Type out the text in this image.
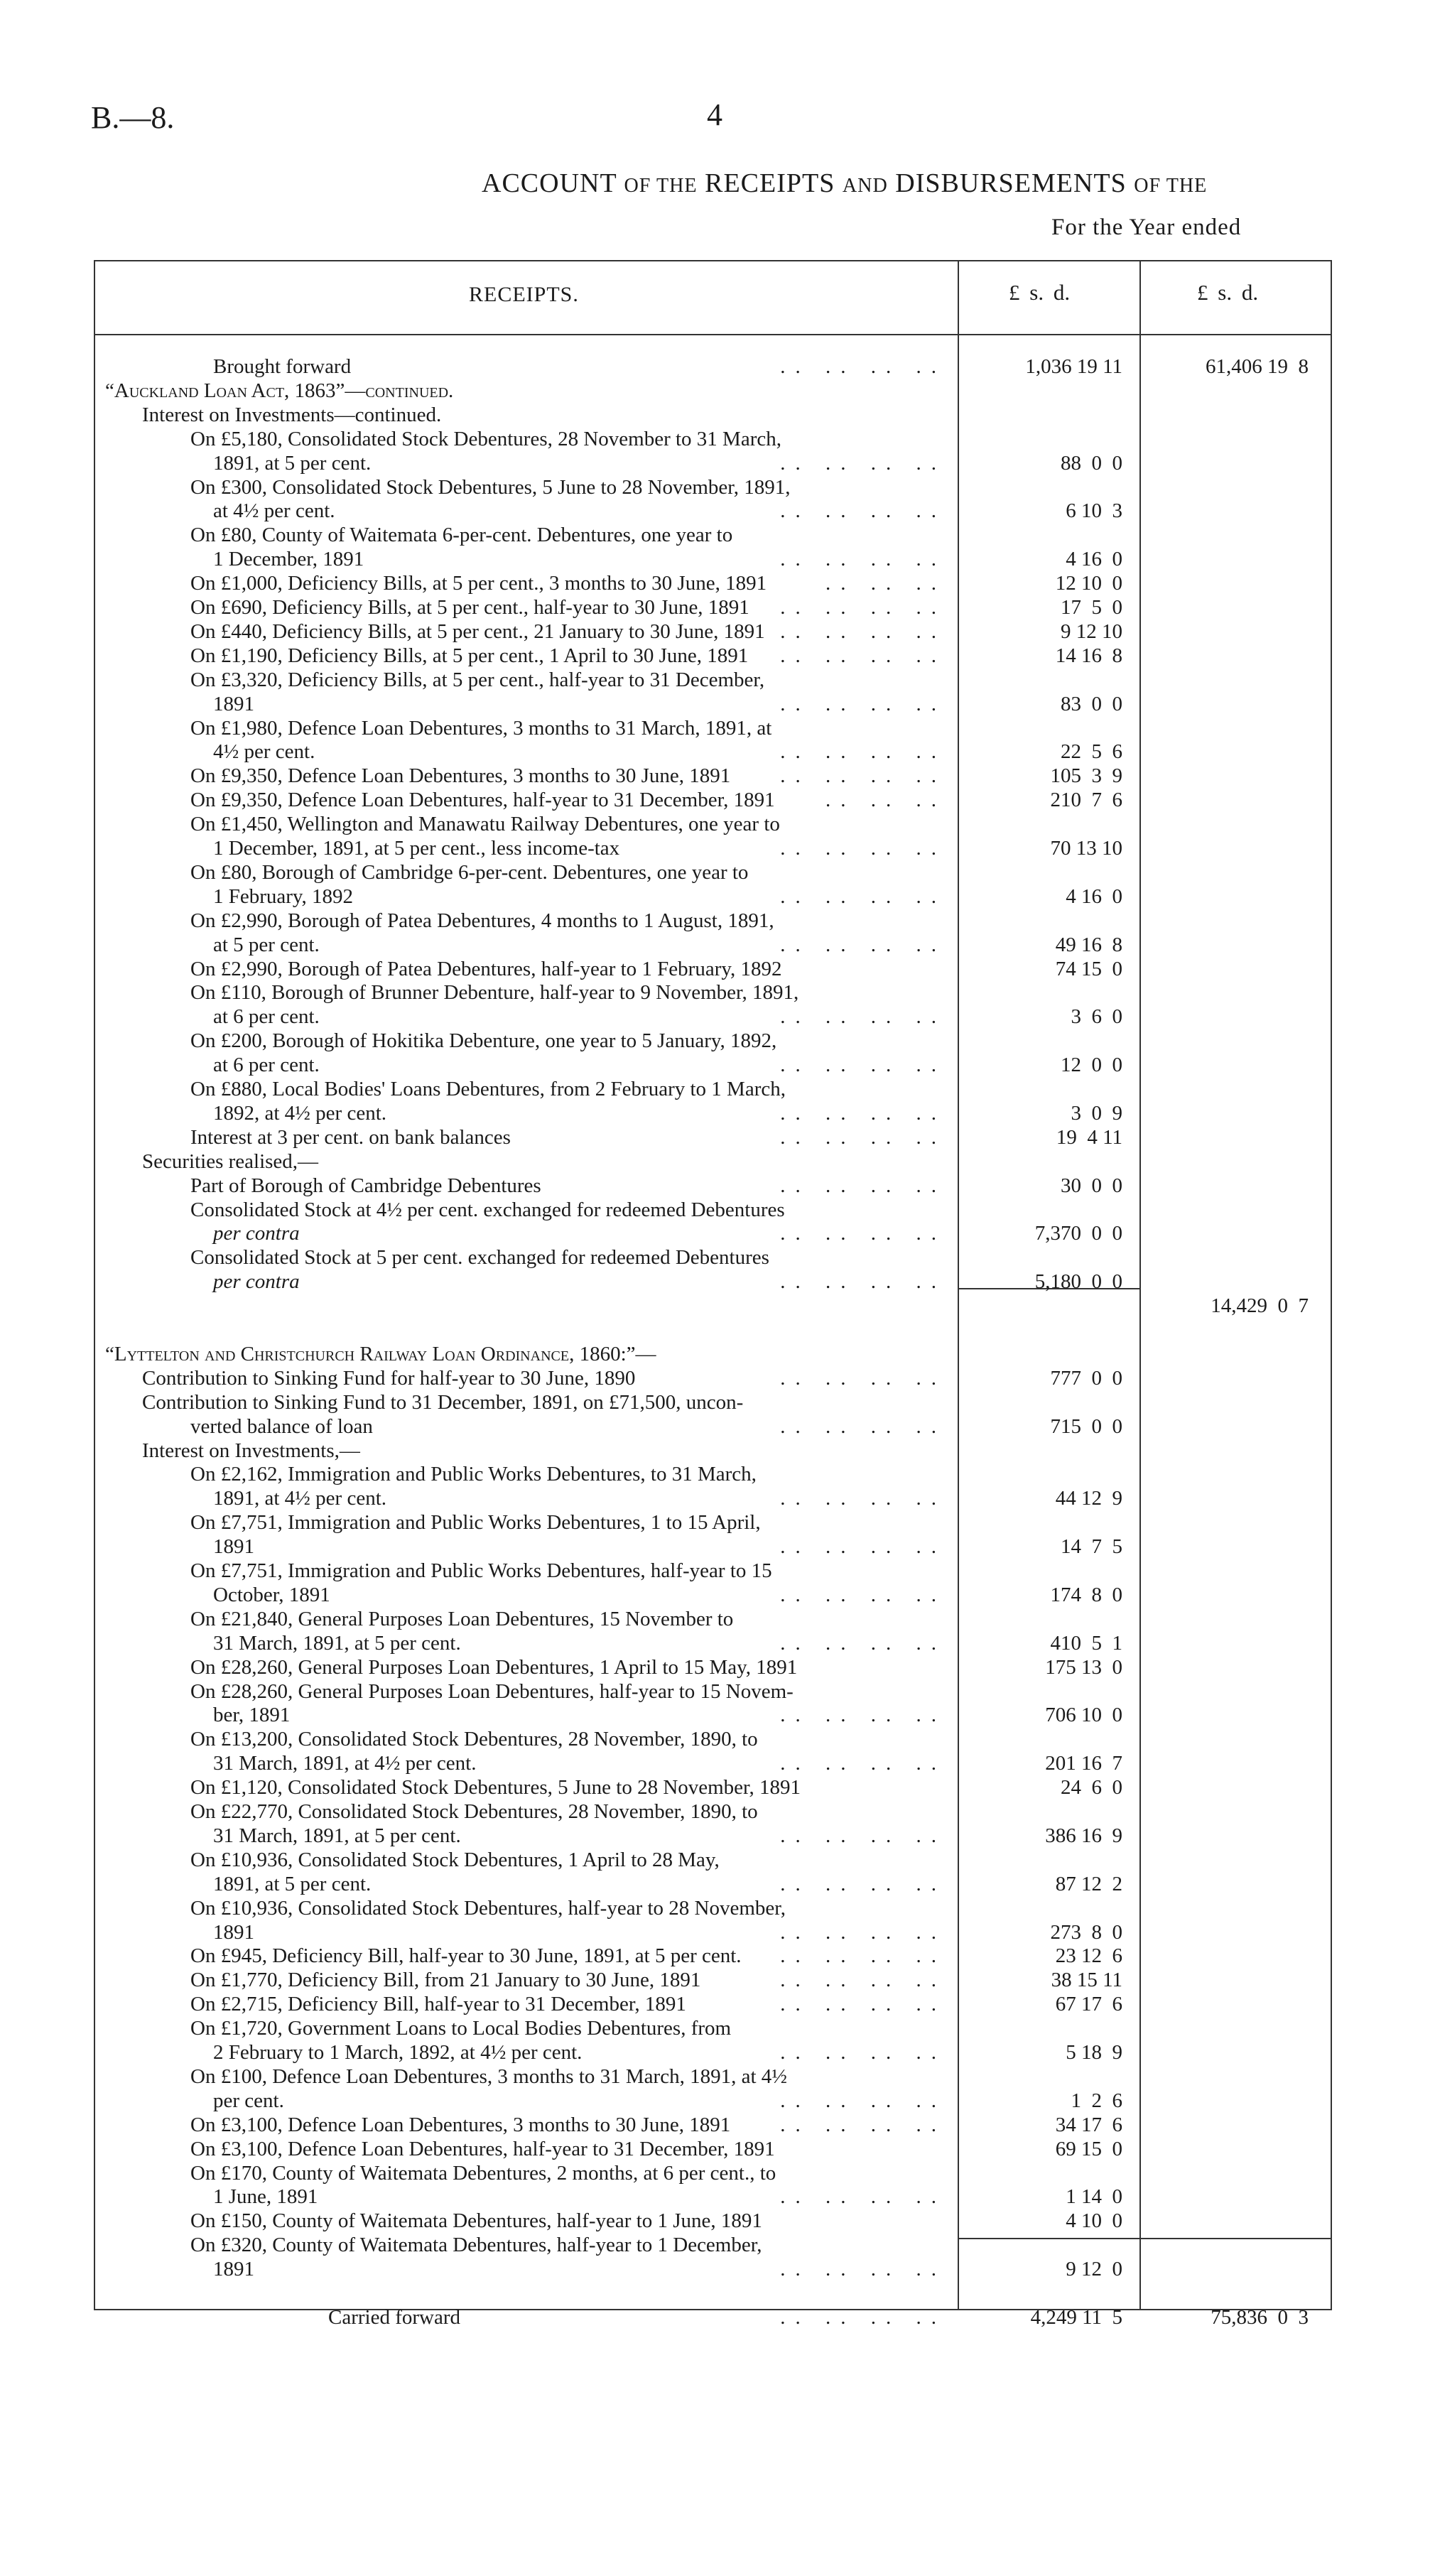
B.—8.	4
ACCOUNT OF THE RECEIPTS AND DISBURSEMENTS OF THE
For the Year ended
RECEIPTS.	£ s. d.	£ s. d.
Brought forward	.. .. .. ..	1,036 19 11	61,406 19  8
“Auckland Loan Act, 1863”—continued.
Interest on Investments—continued.
On £5,180, Consolidated Stock Debentures, 28 November to 31 March,
1891, at 5 per cent.	.. .. .. ..	88  0  0
On £300, Consolidated Stock Debentures, 5 June to 28 November, 1891,
at 4½ per cent.	.. .. .. ..	6 10  3
On £80, County of Waitemata 6-per-cent. Debentures, one year to
1 December, 1891	.. .. .. ..	4 16  0
On £1,000, Deficiency Bills, at 5 per cent., 3 months to 30 June, 1891	.. .. ..	12 10  0
On £690, Deficiency Bills, at 5 per cent., half-year to 30 June, 1891 .. .. .. ..	17  5  0
On £440, Deficiency Bills, at 5 per cent., 21 January to 30 June, 1891 .. .. .. ..	9 12 10
On £1,190, Deficiency Bills, at 5 per cent., 1 April to 30 June, 1891 .. .. .. ..	14 16  8
On £3,320, Deficiency Bills, at 5 per cent., half-year to 31 December,
1891	.. .. .. ..	83  0  0
On £1,980, Defence Loan Debentures, 3 months to 31 March, 1891, at
4½ per cent.	.. .. .. ..	22  5  6
On £9,350, Defence Loan Debentures, 3 months to 30 June, 1891 .. .. .. ..	105  3  9
On £9,350, Defence Loan Debentures, half-year to 31 December, 1891 .. .. ..	210  7  6
On £1,450, Wellington and Manawatu Railway Debentures, one year to
1 December, 1891, at 5 per cent., less income-tax	.. .. .. ..	70 13 10
On £80, Borough of Cambridge 6-per-cent. Debentures, one year to
1 February, 1892	.. .. .. ..	4 16  0
On £2,990, Borough of Patea Debentures, 4 months to 1 August, 1891,
at 5 per cent.	.. .. .. ..	49 16  8
On £2,990, Borough of Patea Debentures, half-year to 1 February, 1892	74 15  0
On £110, Borough of Brunner Debenture, half-year to 9 November, 1891,
at 6 per cent.	.. .. .. ..	3  6  0
On £200, Borough of Hokitika Debenture, one year to 5 January, 1892,
at 6 per cent.	.. .. .. ..	12  0  0
On £880, Local Bodies' Loans Debentures, from 2 February to 1 March,
1892, at 4½ per cent.	.. .. .. ..	3  0  9
Interest at 3 per cent. on bank balances	.. .. .. ..	19  4 11
Securities realised,—
Part of Borough of Cambridge Debentures	.. .. .. ..	30  0  0
Consolidated Stock at 4½ per cent. exchanged for redeemed Debentures
per contra	.. .. .. ..	7,370  0  0
Consolidated Stock at 5 per cent. exchanged for redeemed Debentures
per contra	.. .. .. ..	5,180  0  0
14,429  0  7
“Lyttelton and Christchurch Railway Loan Ordinance, 1860:”—
Contribution to Sinking Fund for half-year to 30 June, 1890	.. .. .. ..	777  0  0
Contribution to Sinking Fund to 31 December, 1891, on £71,500, uncon-
verted balance of loan	.. .. .. ..	715  0  0
Interest on Investments,—
On £2,162, Immigration and Public Works Debentures, to 31 March,
1891, at 4½ per cent.	.. .. .. ..	44 12  9
On £7,751, Immigration and Public Works Debentures, 1 to 15 April,
1891	.. .. .. ..	14  7  5
On £7,751, Immigration and Public Works Debentures, half-year to 15
October, 1891	.. .. .. ..	174  8  0
On £21,840, General Purposes Loan Debentures, 15 November to
31 March, 1891, at 5 per cent.	.. .. .. ..	410  5  1
On £28,260, General Purposes Loan Debentures, 1 April to 15 May, 1891	175 13  0
On £28,260, General Purposes Loan Debentures, half-year to 15 Novem-
ber, 1891	.. .. .. ..	706 10  0
On £13,200, Consolidated Stock Debentures, 28 November, 1890, to
31 March, 1891, at 4½ per cent.	.. .. .. ..	201 16  7
On £1,120, Consolidated Stock Debentures, 5 June to 28 November, 1891	24  6  0
On £22,770, Consolidated Stock Debentures, 28 November, 1890, to
31 March, 1891, at 5 per cent.	.. .. .. ..	386 16  9
On £10,936, Consolidated Stock Debentures, 1 April to 28 May,
1891, at 5 per cent.	.. .. .. ..	87 12  2
On £10,936, Consolidated Stock Debentures, half-year to 28 November,
1891	.. .. .. ..	273  8  0
On £945, Deficiency Bill, half-year to 30 June, 1891, at 5 per cent. .. .. .. ..	23 12  6
On £1,770, Deficiency Bill, from 21 January to 30 June, 1891	.. .. .. ..	38 15 11
On £2,715, Deficiency Bill, half-year to 31 December, 1891	.. .. .. ..	67 17  6
On £1,720, Government Loans to Local Bodies Debentures, from
2 February to 1 March, 1892, at 4½ per cent.	.. .. .. ..	5 18  9
On £100, Defence Loan Debentures, 3 months to 31 March, 1891, at 4½
per cent.	.. .. .. ..	1  2  6
On £3,100, Defence Loan Debentures, 3 months to 30 June, 1891 .. .. .. ..	34 17  6
On £3,100, Defence Loan Debentures, half-year to 31 December, 1891	69 15  0
On £170, County of Waitemata Debentures, 2 months, at 6 per cent., to
1 June, 1891	.. .. .. ..	1 14  0
On £150, County of Waitemata Debentures, half-year to 1 June, 1891	4 10  0
On £320, County of Waitemata Debentures, half-year to 1 December,
1891	.. .. .. ..	9 12  0
Carried forward	.. .. .. ..	4,249 11  5	75,836  0  3
